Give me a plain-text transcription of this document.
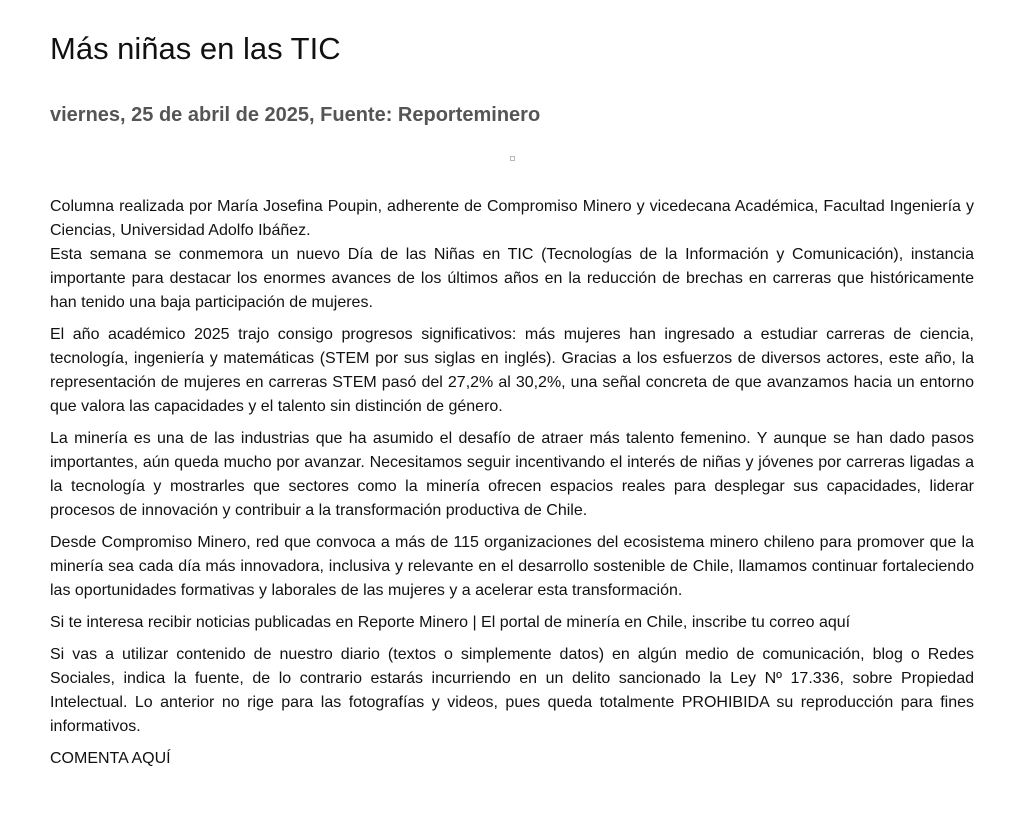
Más niñas en las TIC
viernes, 25 de abril de 2025, Fuente: Reporteminero

Columna realizada por María Josefina Poupin, adherente de Compromiso Minero y vicedecana Académica, Facultad Ingeniería y Ciencias, Universidad Adolfo Ibáñez.

Esta semana se conmemora un nuevo Día de las Niñas en TIC (Tecnologías de la Información y Comunicación), instancia importante para destacar los enormes avances de los últimos años en la reducción de brechas en carreras que históricamente han tenido una baja participación de mujeres.

El año académico 2025 trajo consigo progresos significativos: más mujeres han ingresado a estudiar carreras de ciencia, tecnología, ingeniería y matemáticas (STEM por sus siglas en inglés). Gracias a los esfuerzos de diversos actores, este año, la representación de mujeres en carreras STEM pasó del 27,2% al 30,2%, una señal concreta de que avanzamos hacia un entorno que valora las capacidades y el talento sin distinción de género.

La minería es una de las industrias que ha asumido el desafío de atraer más talento femenino. Y aunque se han dado pasos importantes, aún queda mucho por avanzar. Necesitamos seguir incentivando el interés de niñas y jóvenes por carreras ligadas a la tecnología y mostrarles que sectores como la minería ofrecen espacios reales para desplegar sus capacidades, liderar procesos de innovación y contribuir a la transformación productiva de Chile.

Desde Compromiso Minero, red que convoca a más de 115 organizaciones del ecosistema minero chileno para promover que la minería sea cada día más innovadora, inclusiva y relevante en el desarrollo sostenible de Chile, llamamos continuar fortaleciendo las oportunidades formativas y laborales de las mujeres y a acelerar esta transformación.

Si te interesa recibir noticias publicadas en Reporte Minero | El portal de minería en Chile, inscribe tu correo aquí

Si vas a utilizar contenido de nuestro diario (textos o simplemente datos) en algún medio de comunicación, blog o Redes Sociales, indica la fuente, de lo contrario estarás incurriendo en un delito sancionado la Ley Nº 17.336, sobre Propiedad Intelectual. Lo anterior no rige para las fotografías y videos, pues queda totalmente PROHIBIDA su reproducción para fines informativos.

COMENTA AQUÍ
